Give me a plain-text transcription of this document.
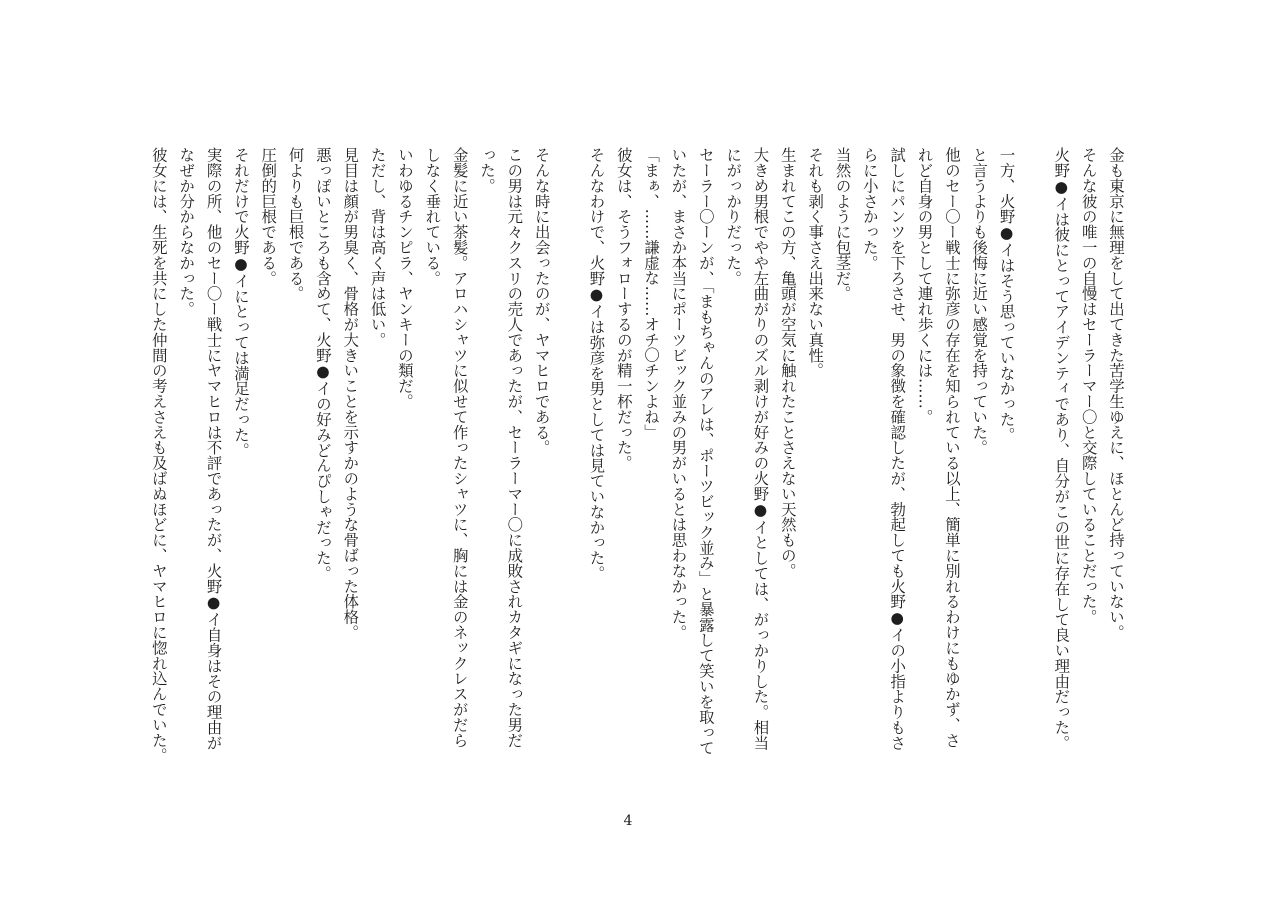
金も東京に無理をして出てきた苦学生ゆえに、ほとんど持っていない。
そんな彼の唯一の自慢はセーラーマー〇と交際していることだった。
火野●イは彼にとってアイデンティであり、自分がこの世に存在して良い理由だった。
一方、火野●イはそう思っていなかった。
と言うよりも後悔に近い感覚を持っていた。
他のセー〇ー戦士に弥彦の存在を知られている以上、簡単に別れるわけにもゆかず、さ
れど自身の男として連れ歩くには……。
試しにパンツを下ろさせ、男の象徴を確認したが、勃起しても火野●イの小指よりもさ
らに小さかった。
当然のように包茎だ。
それも剥く事さえ出来ない真性。
生まれてこの方、亀頭が空気に触れたことさえない天然もの。
大きめ男根でやや左曲がりのズル剥けが好みの火野●イとしては、がっかりした。相当
にがっかりだった。
セーラー〇ーンが、「まもちゃんのアレは、ポーツビック並み」と暴露して笑いを取って
いたが、まさか本当にポーツビック並みの男がいるとは思わなかった。
「まぁ、……謙虚な……オチ〇チンよね」
彼女は、そうフォローするのが精一杯だった。
そんなわけで、火野●イは弥彦を男としては見ていなかった。
そんな時に出会ったのが、ヤマヒロである。
この男は元々クスリの売人であったが、セーラーマー〇に成敗されカタギになった男だ
った。
金髪に近い茶髪。アロハシャツに似せて作ったシャツに、胸には金のネックレスがだら
しなく垂れている。
いわゆるチンピラ、ヤンキーの類だ。
ただし、背は高く声は低い。
見目は顔が男臭く、骨格が大きいことを示すかのような骨ばった体格。
悪っぽいところも含めて、火野●イの好みどんぴしゃだった。
何よりも巨根である。
圧倒的巨根である。
それだけで火野●イにとっては満足だった。
実際の所、他のセー〇ー戦士にヤマヒロは不評であったが、火野●イ自身はその理由が
なぜか分からなかった。
彼女には、生死を共にした仲間の考えさえも及ばぬほどに、ヤマヒロに惚れ込んでいた。
4
